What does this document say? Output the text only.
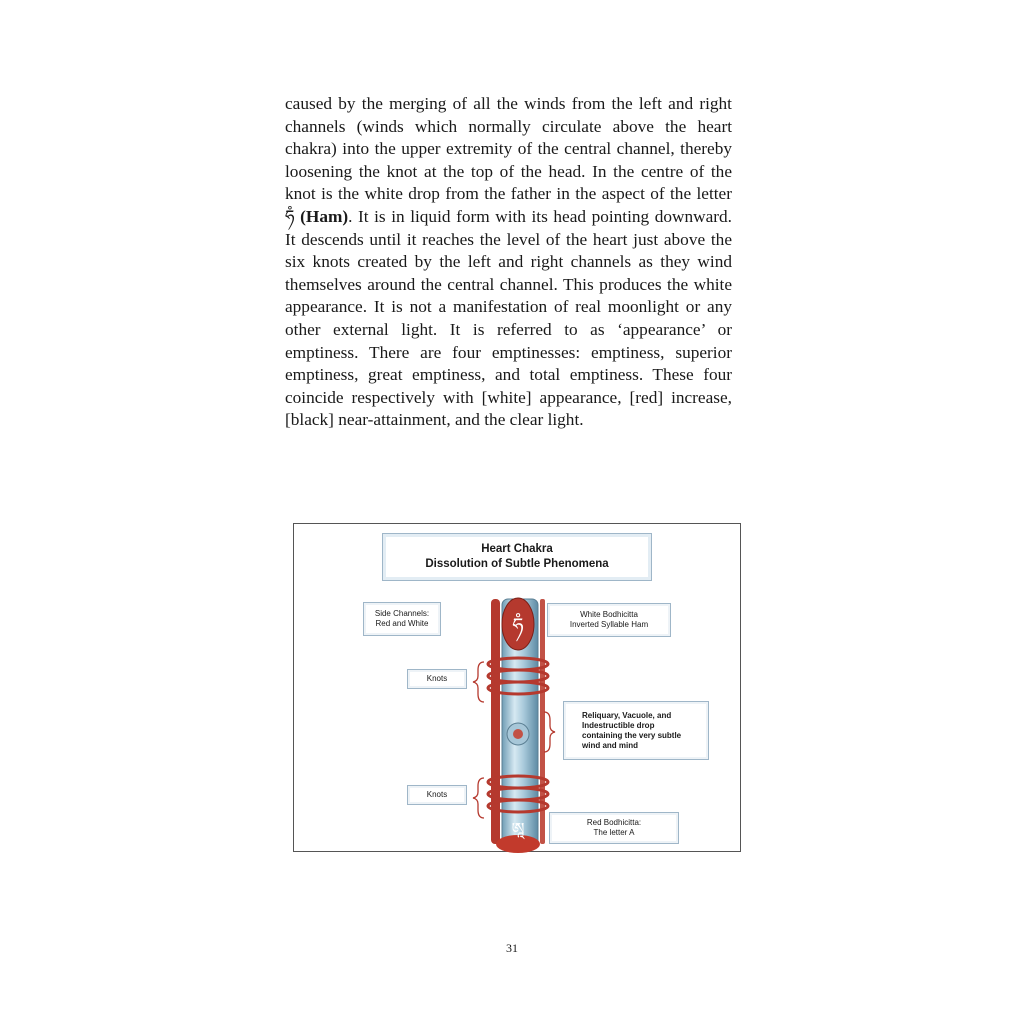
caused by the merging of all the winds from the left and right channels (winds which normally circulate above the heart chakra) into the upper extremity of the central channel, thereby loosening the knot at the top of the head. In the centre of the knot is the white drop from the father in the aspect of the letter ཧཾ (Ham). It is in liquid form with its head pointing downward. It descends until it reaches the level of the heart just above the six knots created by the left and right channels as they wind themselves around the central channel. This produces the white appearance. It is not a manifestation of real moonlight or any other external light. It is referred to as ‘appearance’ or emptiness. There are four emptinesses: emptiness, superior emptiness, great emptiness, and total emptiness. These four coincide respectively with [white] appearance, [red] increase, [black] near-attainment, and the clear light.

Heart Chakra
Dissolution of Subtle Phenomena
ཧཾ
ཨཱ
Side Channels:
Red and White
White Bodhicitta
Inverted Syllable Ham
Knots
Reliquary, Vacuole, and
Indestructible drop
containing the very subtle
wind and mind
Knots
Red Bodhicitta:
The letter A
31
